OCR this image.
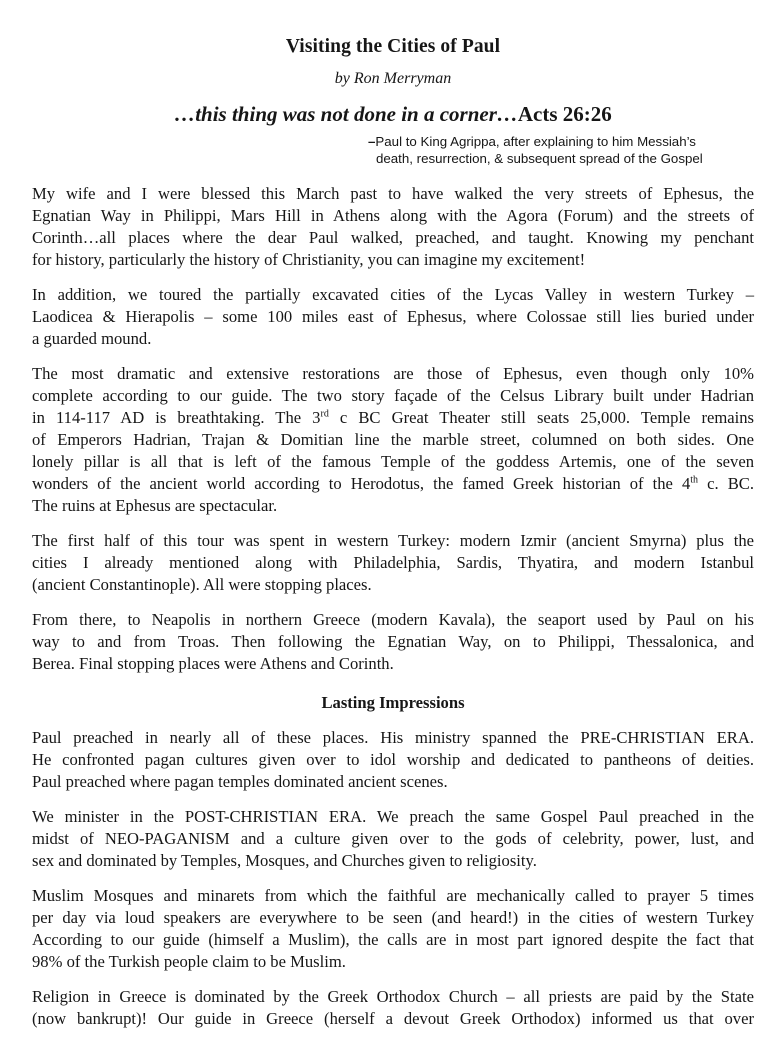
Visiting the Cities of Paul
by Ron Merryman
…this thing was not done in a corner…Acts 26:26
–Paul to King Agrippa, after explaining to him Messiah’s
death, resurrection, & subsequent spread of the Gospel
My wife and I were blessed this March past to have walked the very streets of Ephesus, the
Egnatian Way in Philippi, Mars Hill in Athens along with the Agora (Forum) and the streets of
Corinth…all places where the dear Paul walked, preached, and taught. Knowing my penchant
for history, particularly the history of Christianity, you can imagine my excitement!
In addition, we toured the partially excavated cities of the Lycas Valley in western Turkey –
Laodicea & Hierapolis – some 100 miles east of Ephesus, where Colossae still lies buried under
a guarded mound.
The most dramatic and extensive restorations are those of Ephesus, even though only 10%
complete according to our guide. The two story façade of the Celsus Library built under Hadrian
in 114-117 AD is breathtaking. The 3rd c BC Great Theater still seats 25,000. Temple remains
of Emperors Hadrian, Trajan & Domitian line the marble street, columned on both sides. One
lonely pillar is all that is left of the famous Temple of the goddess Artemis, one of the seven
wonders of the ancient world according to Herodotus, the famed Greek historian of the 4th c. BC.
The ruins at Ephesus are spectacular.
The first half of this tour was spent in western Turkey: modern Izmir (ancient Smyrna) plus the
cities I already mentioned along with Philadelphia, Sardis, Thyatira, and modern Istanbul
(ancient Constantinople). All were stopping places.
From there, to Neapolis in northern Greece (modern Kavala), the seaport used by Paul on his
way to and from Troas. Then following the Egnatian Way, on to Philippi, Thessalonica, and
Berea. Final stopping places were Athens and Corinth.
Lasting Impressions
Paul preached in nearly all of these places. His ministry spanned the PRE-CHRISTIAN ERA.
He confronted pagan cultures given over to idol worship and dedicated to pantheons of deities.
Paul preached where pagan temples dominated ancient scenes.
We minister in the POST-CHRISTIAN ERA. We preach the same Gospel Paul preached in the
midst of NEO-PAGANISM and a culture given over to the gods of celebrity, power, lust, and
sex and dominated by Temples, Mosques, and Churches given to religiosity.
Muslim Mosques and minarets from which the faithful are mechanically called to prayer 5 times
per day via loud speakers are everywhere to be seen (and heard!) in the cities of western Turkey
According to our guide (himself a Muslim), the calls are in most part ignored despite the fact that
98% of the Turkish people claim to be Muslim.
Religion in Greece is dominated by the Greek Orthodox Church – all priests are paid by the State
(now bankrupt)! Our guide in Greece (herself a devout Greek Orthodox) informed us that over
